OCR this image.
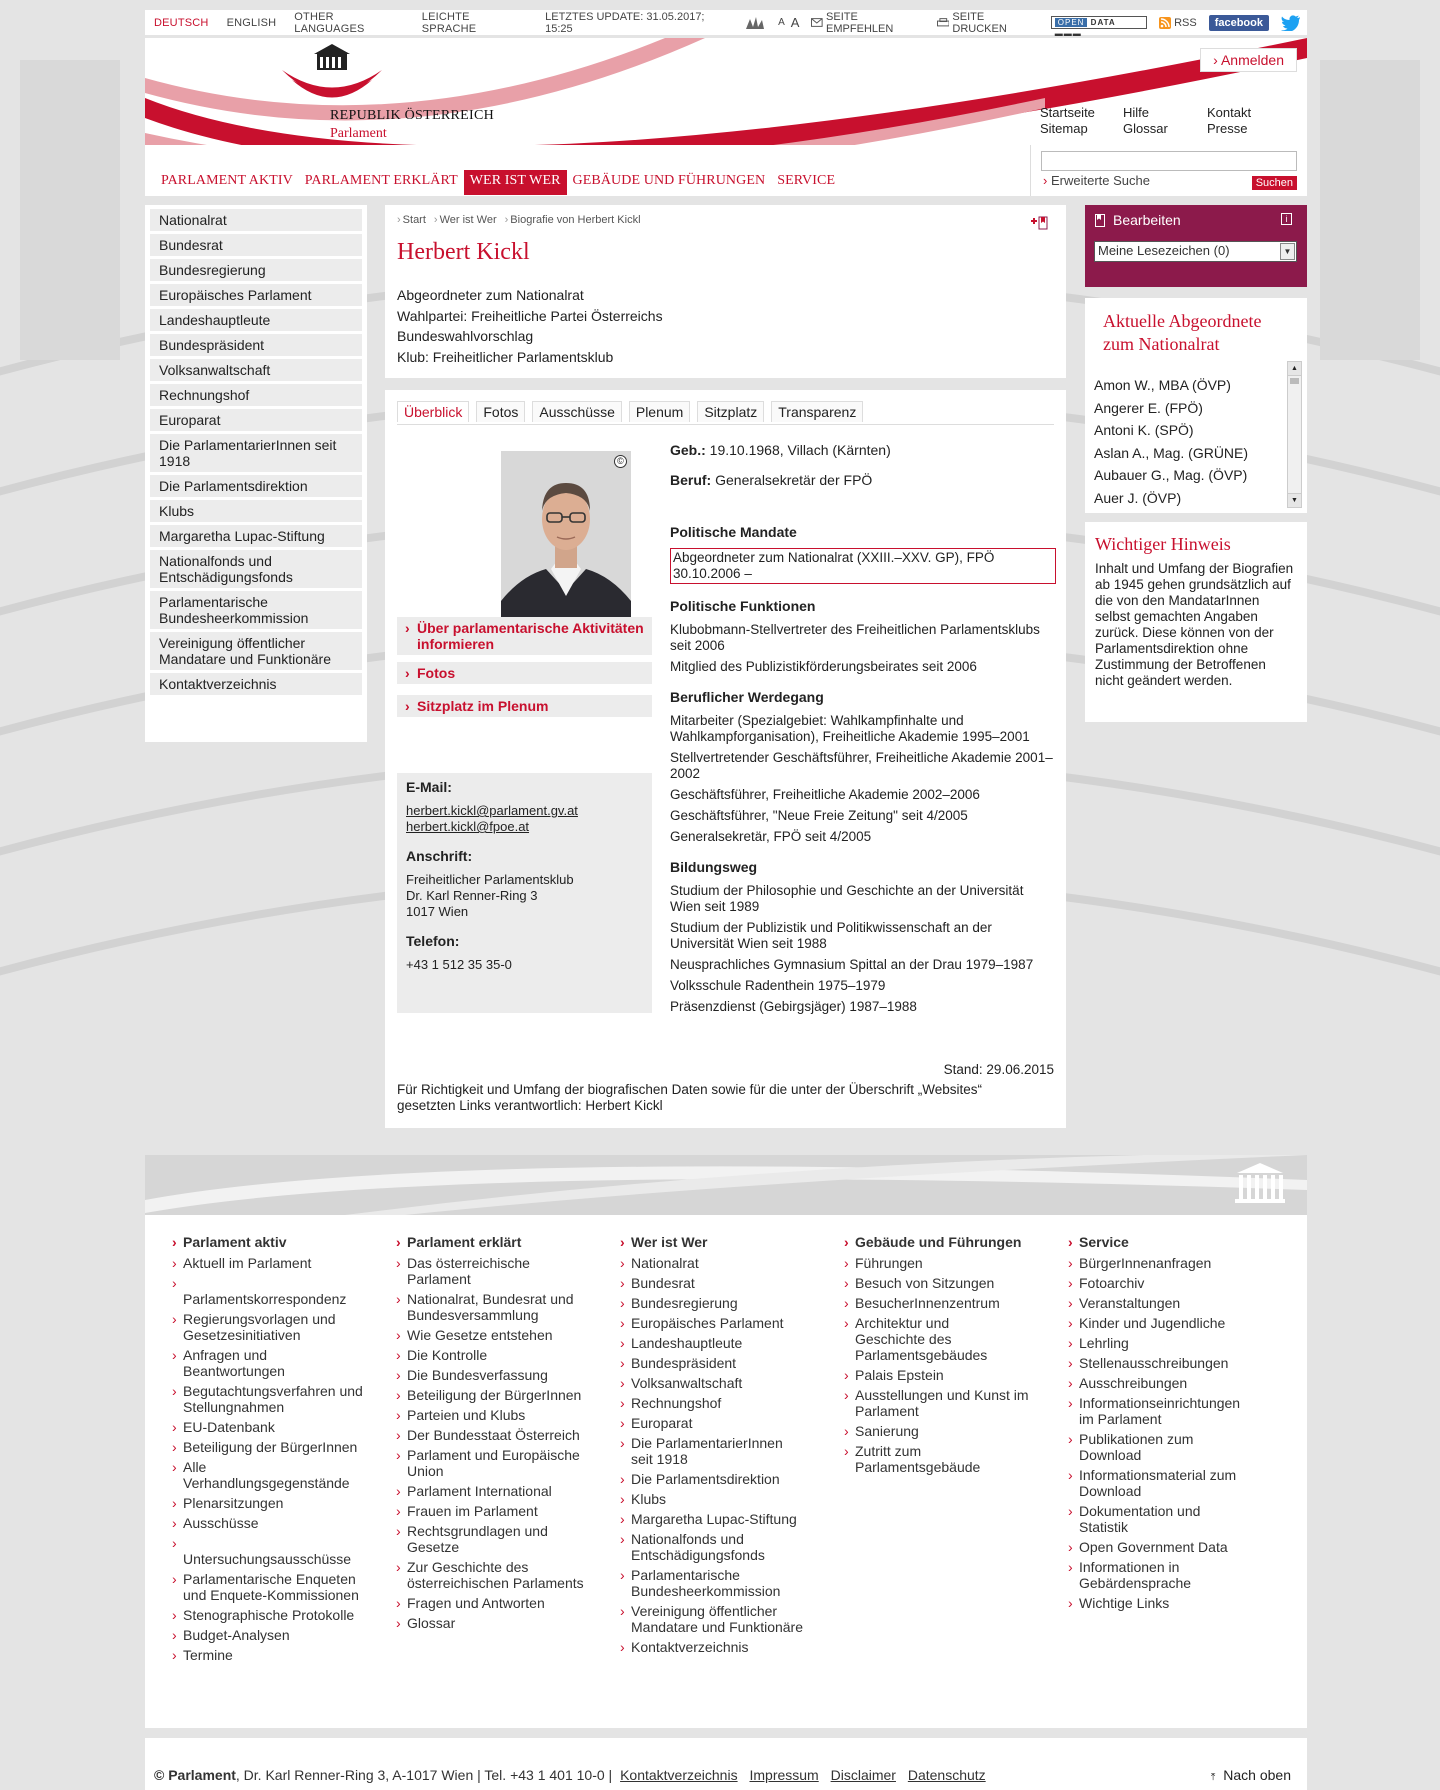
DEUTSCH	ENGLISH	OTHER LANGUAGES
LEICHTE SPRACHE
LETZTES UPDATE: 31.05.2017; 15:25	A A	SEITE EMPFEHLEN
SEITE DRUCKEN	OPEN DATA ▬▬▬
RSS	facebook
REPUBLIK ÖSTERREICH
Parlament
› Anmelden
Startseite	Hilfe	Kontakt
Sitemap	Glossar	Presse
PARLAMENT AKTIV PARLAMENT ERKLÄRT WER IST WER GEBÄUDE UND FÜHRUNGEN SERVICE	› Erweiterte Suche	Suchen
Nationalrat
Bundesrat
Bundesregierung
Europäisches Parlament
Landeshauptleute
Bundespräsident
Volksanwaltschaft
Rechnungshof
Europarat
Die ParlamentarierInnen seit 1918
Die Parlamentsdirektion
Klubs
Margaretha Lupac-Stiftung
Nationalfonds und Entschädigungsfonds
Parlamentarische Bundesheerkommission
Vereinigung öffentlicher Mandatare und Funktionäre
Kontaktverzeichnis
› Start	› Wer ist Wer	› Biografie von Herbert Kickl
Herbert Kickl
Abgeordneter zum Nationalrat
Wahlpartei: Freiheitliche Partei Österreichs
Bundeswahlvorschlag
Klub: Freiheitlicher Parlamentsklub
Überblick	Fotos	Ausschüsse	Plenum	Sitzplatz	Transparenz
©
› Über parlamentarische Aktivitäten informieren
› Fotos
› Sitzplatz im Plenum
E-Mail:
herbert.kickl@parlament.gv.at
herbert.kickl@fpoe.at
Anschrift:
Freiheitlicher Parlamentsklub
Dr. Karl Renner-Ring 3
1017 Wien
Telefon:
+43 1 512 35 35-0

Geb.: 19.10.1968, Villach (Kärnten)

Beruf: Generalsekretär der FPÖ

Politische Mandate
Abgeordneter zum Nationalrat (XXIII.–XXV. GP), FPÖ 30.10.2006 –
Politische Funktionen

Klubobmann-Stellvertreter des Freiheitlichen Parlamentsklubs seit 2006

Mitglied des Publizistikförderungsbeirates seit 2006

Beruflicher Werdegang

Mitarbeiter (Spezialgebiet: Wahlkampfinhalte und Wahlkampforganisation), Freiheitliche Akademie 1995–2001

Stellvertretender Geschäftsführer, Freiheitliche Akademie 2001–2002

Geschäftsführer, Freiheitliche Akademie 2002–2006

Geschäftsführer, "Neue Freie Zeitung" seit 4/2005

Generalsekretär, FPÖ seit 4/2005

Bildungsweg

Studium der Philosophie und Geschichte an der Universität Wien seit 1989

Studium der Publizistik und Politikwissenschaft an der Universität Wien seit 1988

Neusprachliches Gymnasium Spittal an der Drau 1979–1987

Volksschule Radenthein 1975–1979

Präsenzdienst (Gebirgsjäger) 1987–1988

Stand: 29.06.2015
Für Richtigkeit und Umfang der biografischen Daten sowie für die unter der Überschrift „Websites“ gesetzten Links verantwortlich: Herbert Kickl
Bearbeiten	i
Meine Lesezeichen (0)	▼
Aktuelle Abgeordnete zum Nationalrat
Amon W., MBA (ÖVP)
Angerer E. (FPÖ)
Antoni K. (SPÖ)
Aslan A., Mag. (GRÜNE)
Aubauer G., Mag. (ÖVP)
Auer J. (ÖVP)
▲
▼
Wichtiger Hinweis

Inhalt und Umfang der Biografien ab 1945 gehen grundsätzlich auf die von den MandatarInnen selbst gemachten Angaben zurück. Diese können von der Parlamentsdirektion ohne Zustimmung der Betroffenen nicht geändert werden.

› Parlament aktiv
› Aktuell im Parlament

› Parlamentskorrespondenz
› Regierungsvorlagen und Gesetzesinitiativen
› Anfragen und Beantwortungen
› Begutachtungsverfahren und Stellungnahmen
› EU-Datenbank
› Beteiligung der BürgerInnen
› Alle Verhandlungsgegenstände
› Plenarsitzungen
› Ausschüsse

› Untersuchungsausschüsse
› Parlamentarische Enqueten und Enquete-Kommissionen
› Stenographische Protokolle
› Budget-Analysen
› Termine
› Parlament erklärt
› Das österreichische Parlament
› Nationalrat, Bundesrat und Bundesversammlung
› Wie Gesetze entstehen
› Die Kontrolle
› Die Bundesverfassung
› Beteiligung der BürgerInnen
› Parteien und Klubs
› Der Bundesstaat Österreich
› Parlament und Europäische Union
› Parlament International
› Frauen im Parlament
› Rechtsgrundlagen und Gesetze
› Zur Geschichte des österreichischen Parlaments
› Fragen und Antworten
› Glossar
› Wer ist Wer
› Nationalrat
› Bundesrat
› Bundesregierung
› Europäisches Parlament
› Landeshauptleute
› Bundespräsident
› Volksanwaltschaft
› Rechnungshof
› Europarat
› Die ParlamentarierInnen seit 1918
› Die Parlamentsdirektion
› Klubs
› Margaretha Lupac-Stiftung
› Nationalfonds und Entschädigungsfonds
› Parlamentarische Bundesheerkommission
› Vereinigung öffentlicher Mandatare und Funktionäre
› Kontaktverzeichnis
› Gebäude und Führungen
› Führungen
› Besuch von Sitzungen
› BesucherInnenzentrum
› Architektur und Geschichte des Parlamentsgebäudes
› Palais Epstein
› Ausstellungen und Kunst im Parlament
› Sanierung
› Zutritt zum Parlamentsgebäude
› Service
› BürgerInnenanfragen
› Fotoarchiv
› Veranstaltungen
› Kinder und Jugendliche
› Lehrling
› Stellenausschreibungen
› Ausschreibungen
› Informationseinrichtungen im Parlament
› Publikationen zum Download
› Informationsmaterial zum Download
› Dokumentation und Statistik
› Open Government Data
› Informationen in Gebärdensprache
› Wichtige Links
© Parlament, Dr. Karl Renner-Ring 3, A-1017 Wien | Tel. +43 1 401 10-0 | Kontaktverzeichnis Impressum Disclaimer Datenschutz	⤒ Nach oben
